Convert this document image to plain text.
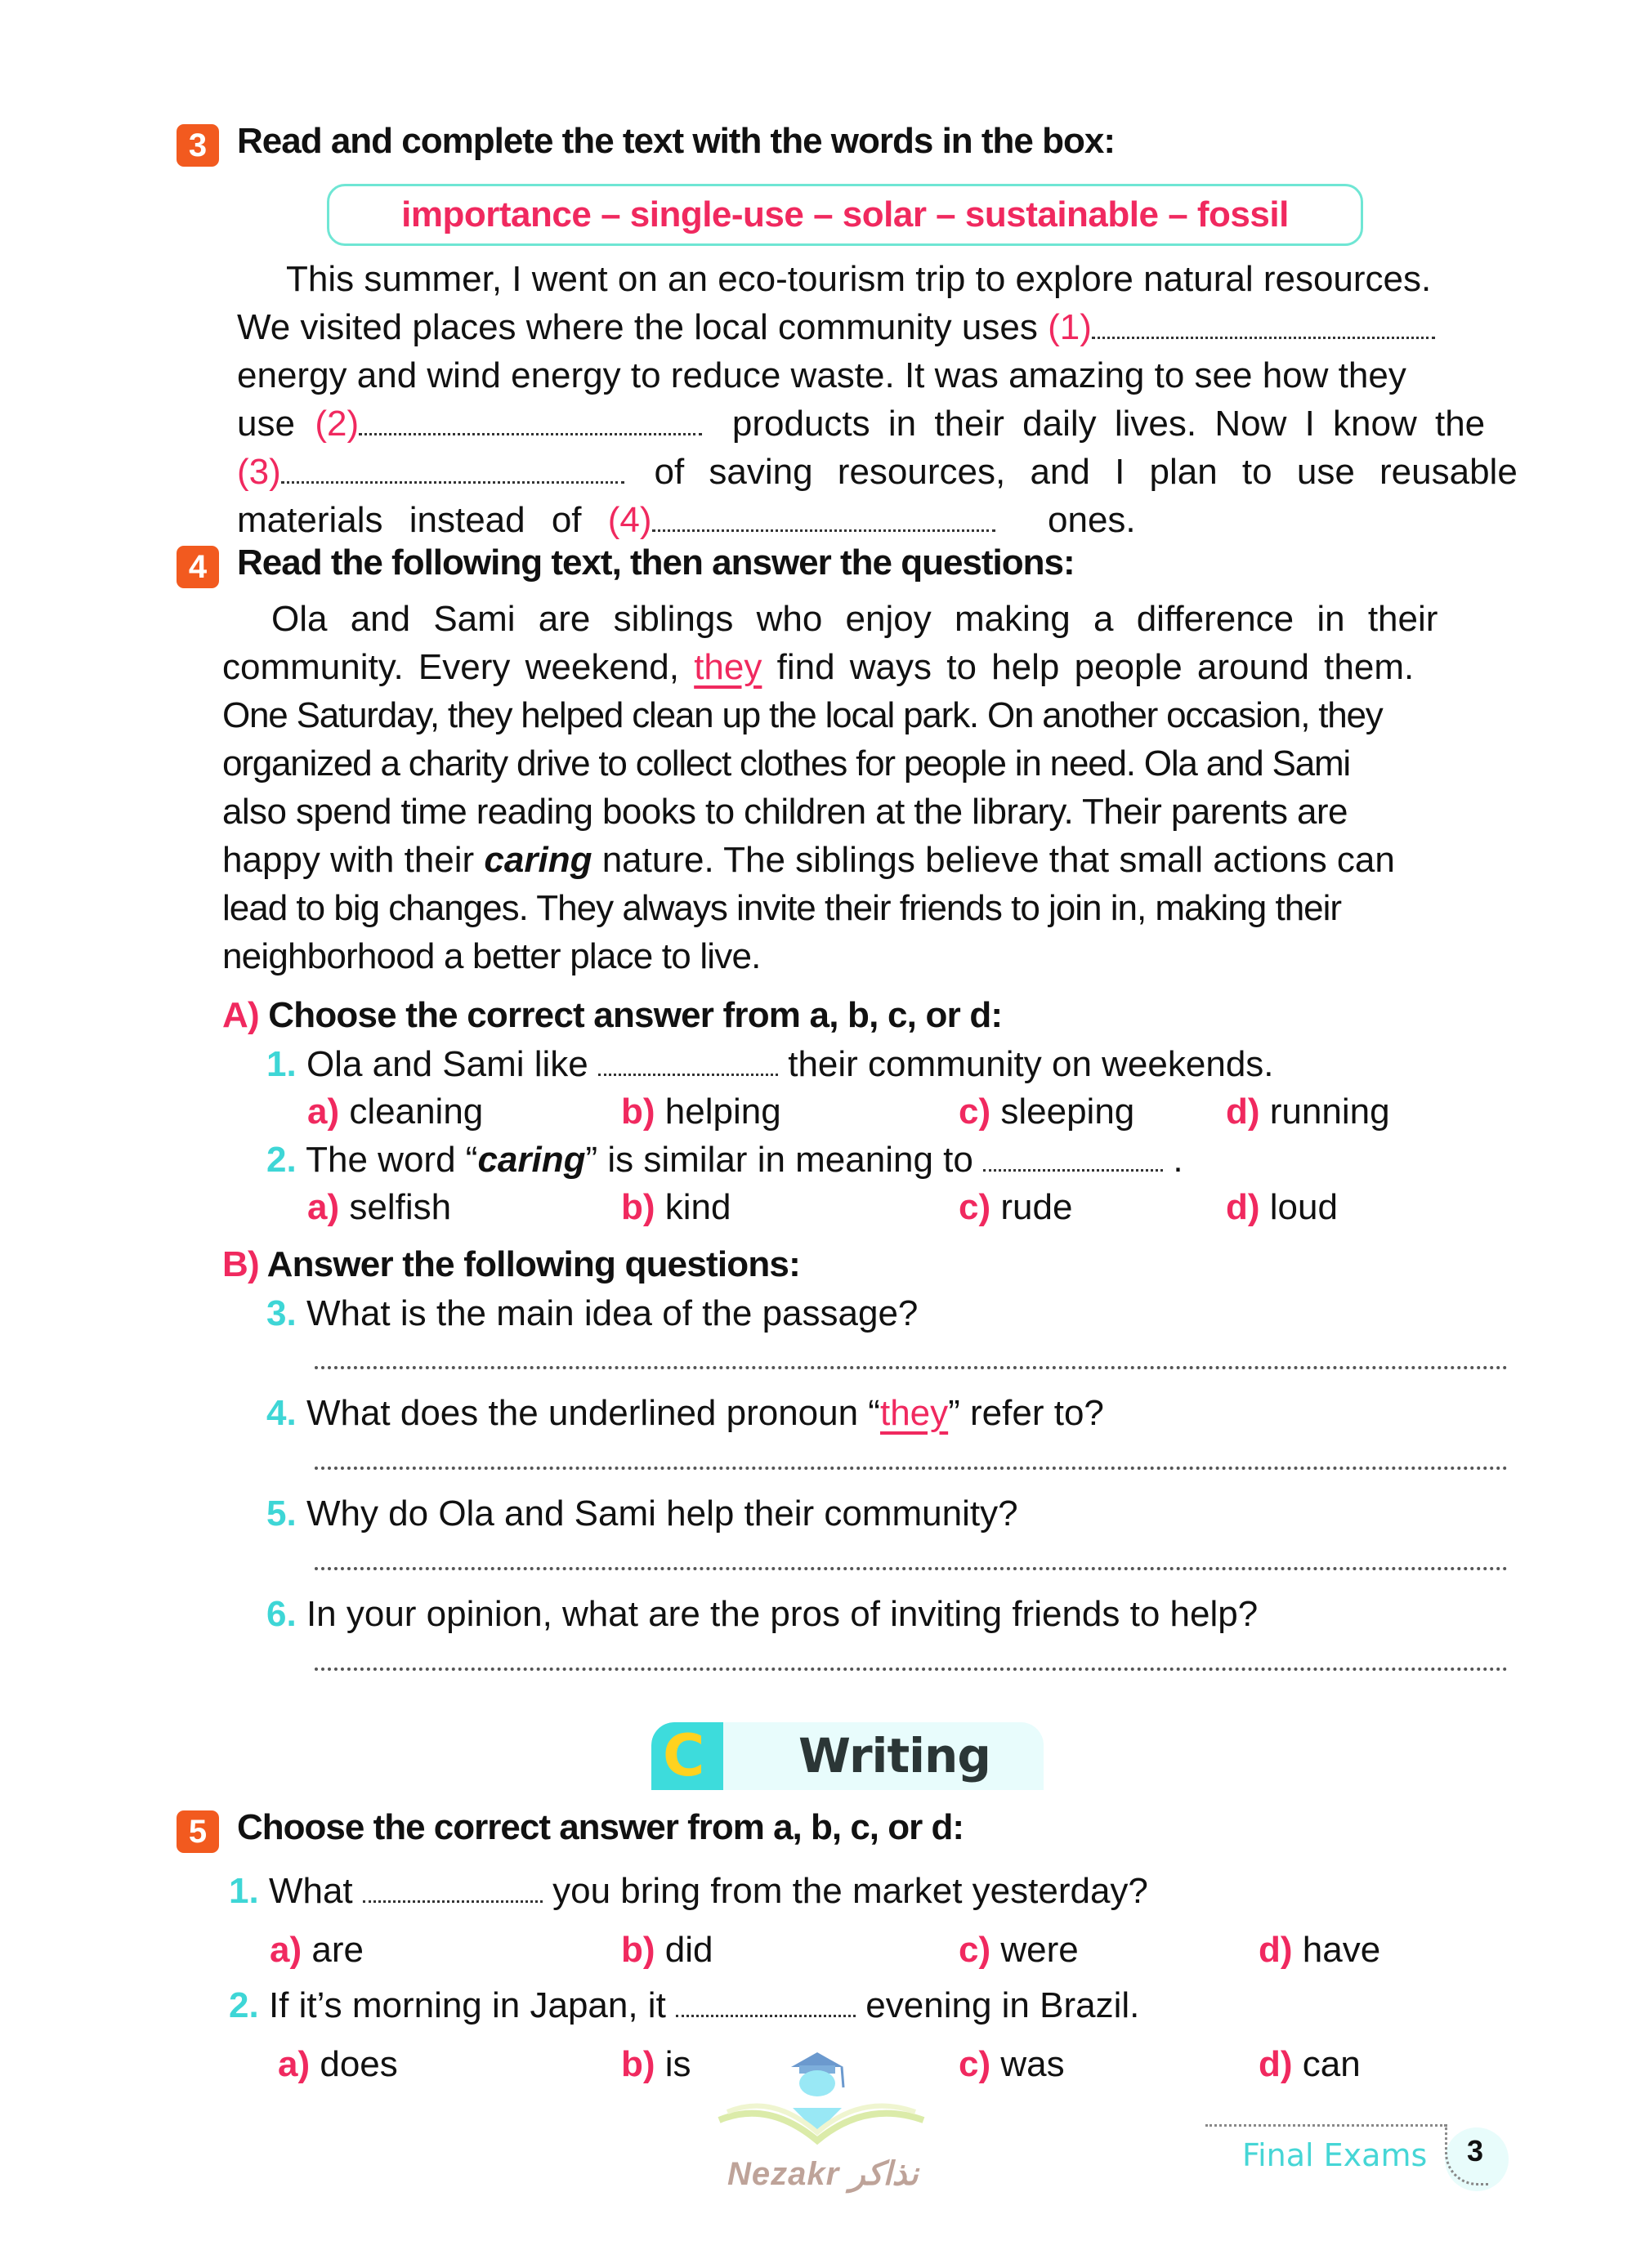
3 Read and complete the text with the words in the box:
importance – single-use – solar – sustainable – fossil

This summer, I went on an eco-tourism trip to explore natural resources.

We visited places where the local community uses (1)

energy and wind energy to reduce waste. It was amazing to see how they

use (2)	products in their daily lives. Now I know the

(3)	of saving resources, and I plan to use reusable

materials instead of (4)	ones.

4 Read the following text, then answer the questions:

Ola and Sami are siblings who enjoy making a difference in their

community. Every weekend, they find ways to help people around them.

One Saturday, they helped clean up the local park. On another occasion, they

organized a charity drive to collect clothes for people in need. Ola and Sami

also spend time reading books to children at the library. Their parents are

happy with their caring nature. The siblings believe that small actions can

lead to big changes. They always invite their friends to join in, making their

neighborhood a better place to live.

A) Choose the correct answer from a, b, c, or d:
1. Ola and Sami like	their community on weekends.
a) cleaning	b) helping	c) sleeping	d) running
2. The word “caring” is similar in meaning to	.
a) selfish	b) kind	c) rude	d) loud
B) Answer the following questions:
3. What is the main idea of the passage?
4. What does the underlined pronoun “they” refer to?
5. Why do Ola and Sami help their community?
6. In your opinion, what are the pros of inviting friends to help?
C Writing
5 Choose the correct answer from a, b, c, or d:
1. What	you bring from the market yesterday?
a) are	b) did	c) were	d) have
2. If it’s morning in Japan, it	evening in Brazil.
a) does	b) is	c) was	d) can
Nezakr نذاكر
Final Exams	3
